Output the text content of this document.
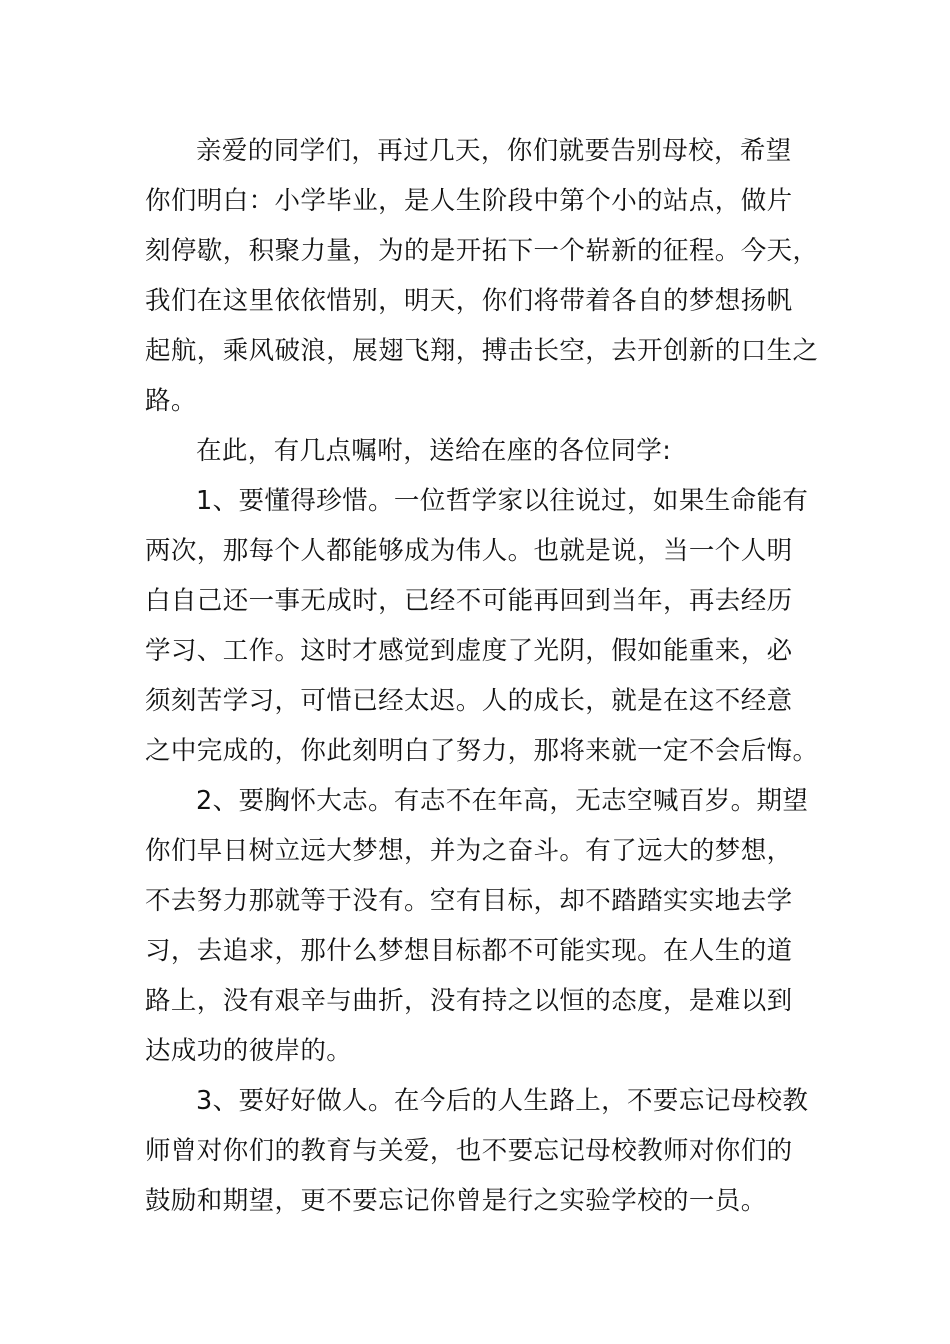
亲爱的同学们，再过几天，你们就要告别母校，希望
你们明白：小学毕业，是人生阶段中第个小的站点，做片
刻停歇，积聚力量，为的是开拓下一个崭新的征程。今天，
我们在这里依依惜别，明天，你们将带着各自的梦想扬帆
起航，乘风破浪，展翅飞翔，搏击长空，去开创新的口生之
路。
在此，有几点嘱咐，送给在座的各位同学:
1、要懂得珍惜。一位哲学家以往说过，如果生命能有
两次，那每个人都能够成为伟人。也就是说，当一个人明
白自己还一事无成时，已经不可能再回到当年，再去经历
学习、工作。这时才感觉到虚度了光阴，假如能重来，必
须刻苦学习，可惜已经太迟。人的成长，就是在这不经意
之中完成的，你此刻明白了努力，那将来就一定不会后悔。
2、要胸怀大志。有志不在年高，无志空喊百岁。期望
你们早日树立远大梦想，并为之奋斗。有了远大的梦想，
不去努力那就等于没有。空有目标，却不踏踏实实地去学
习，去追求，那什么梦想目标都不可能实现。在人生的道
路上，没有艰辛与曲折，没有持之以恒的态度，是难以到
达成功的彼岸的。
3、要好好做人。在今后的人生路上，不要忘记母校教
师曾对你们的教育与关爱，也不要忘记母校教师对你们的
鼓励和期望，更不要忘记你曾是行之实验学校的一员。
